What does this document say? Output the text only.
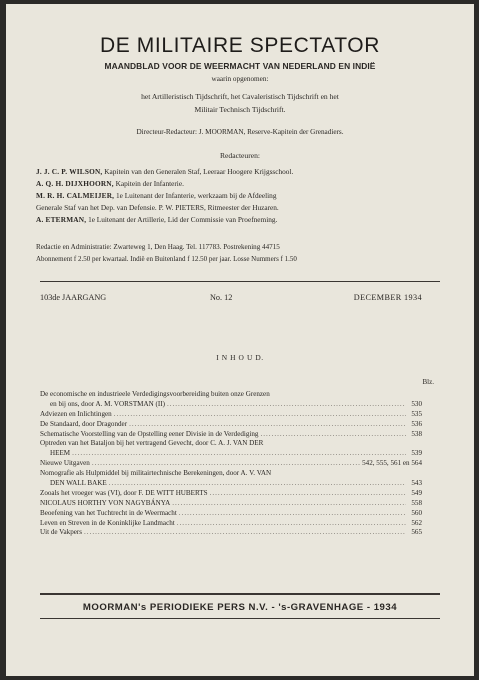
DE MILITAIRE SPECTATOR
MAANDBLAD VOOR DE WEERMACHT VAN NEDERLAND EN INDIË
waarin opgenomen:
het Artilleristisch Tijdschrift, het Cavaleristisch Tijdschrift en het
Militair Technisch Tijdschrift.
Directeur-Redacteur: J. MOORMAN, Reserve-Kapitein der Grenadiers.
Redacteuren:
J. J. C. P. WILSON, Kapitein van den Generalen Staf, Leeraar Hoogere Krijgsschool.
A. Q. H. DIJXHOORN, Kapitein der Infanterie.
M. R. H. CALMEIJER, 1e Luitenant der Infanterie, werkzaam bij de Afdeeling
Generale Staf van het Dep. van Defensie. P. W. PIETERS, Ritmeester der Huzaren.
A. ETERMAN, 1e Luitenant der Artillerie, Lid der Commissie van Proefneming.
Redactie en Administratie: Zwarteweg 1, Den Haag. Tel. 117783. Postrekening 44715
Abonnement f 2.50 per kwartaal. Indië en Buitenland f 12.50 per jaar. Losse Nummers f 1.50
103de JAARGANG	No. 12	DECEMBER 1934
I N H O U D.
Blz.
De economische en industrieele Verdedigingsvoorbereiding buiten onze Grenzen
en bij ons, door A. M. VORSTMAN (II) .....	530
Adviezen en Inlichtingen .....	535
De Standaard, door Dragonder .....	536
Schematische Voorstelling van de Opstelling eener Divisie in de Verdediging .....	538
Optreden van het Bataljon bij het vertragend Gevecht, door C. A. J. VAN DER
HEEM .....	539
Nieuwe Uitgaven .....	542, 555, 561 en 564
Nomografie als Hulpmiddel bij militairtechnische Berekeningen, door A. V. VAN
DEN WALL BAKE .....	543
Zooals het vroeger was (VI), door F. DE WITT HUBERTS .....	549
NICOLAUS HORTHY VON NAGYBÁNYA .....	558
Beoefening van het Tuchtrecht in de Weermacht .....	560
Leven en Streven in de Koninklijke Landmacht .....	562
Uit de Vakpers .....	565
MOORMAN's PERIODIEKE PERS N.V. - 's-GRAVENHAGE - 1934
